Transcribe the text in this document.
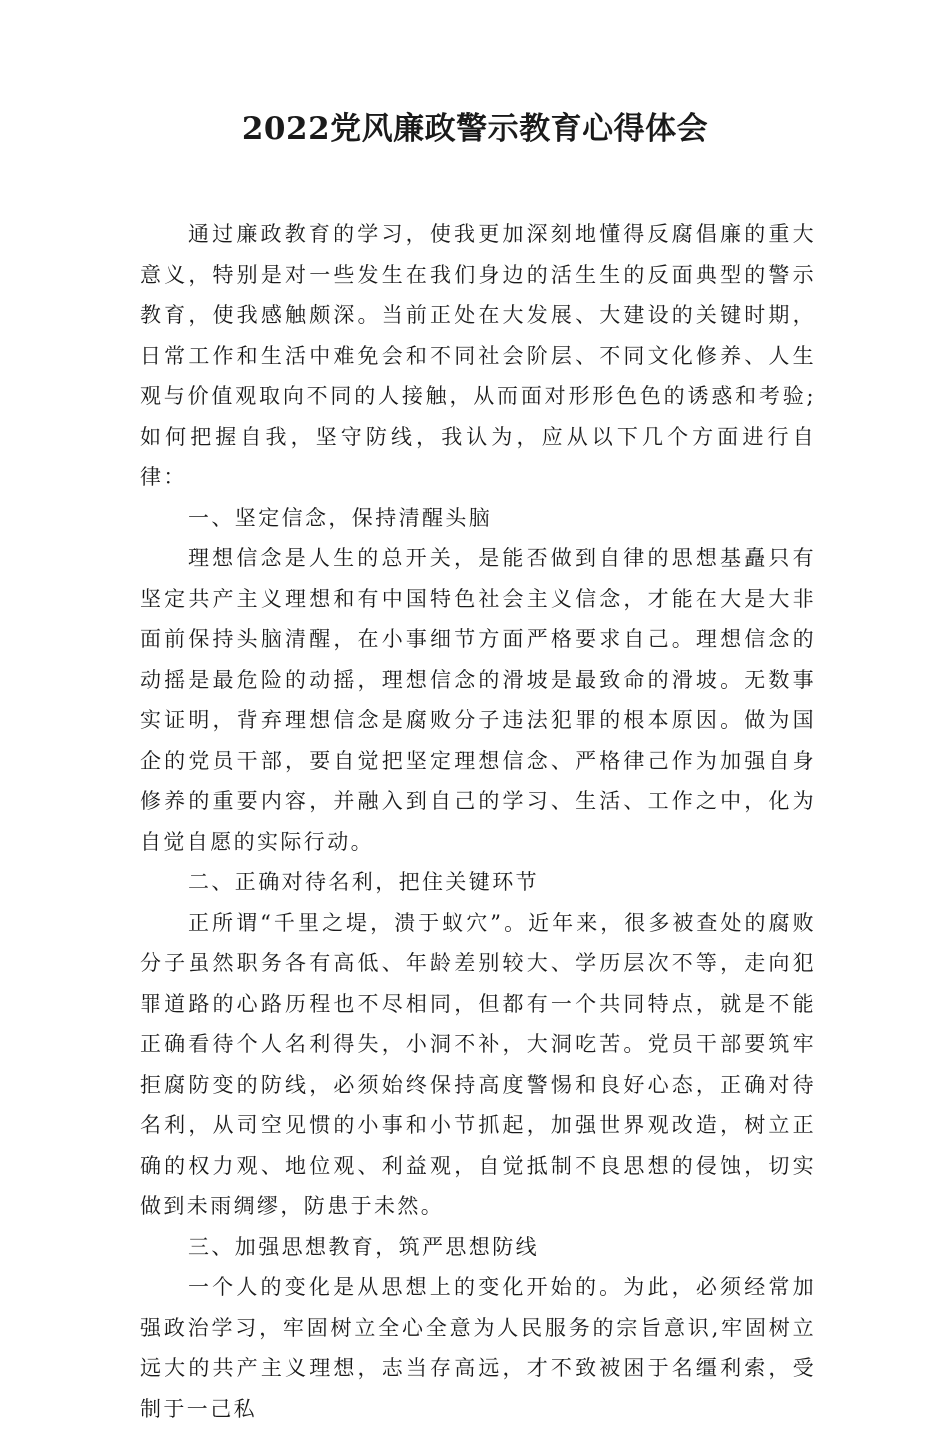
2022党风廉政警示教育心得体会

通过廉政教育的学习，使我更加深刻地懂得反腐倡廉的重大意义，特别是对一些发生在我们身边的活生生的反面典型的警示教育，使我感触颇深。当前正处在大发展、大建设的关键时期，日常工作和生活中难免会和不同社会阶层、不同文化修养、人生观与价值观取向不同的人接触，从而面对形形色色的诱惑和考验;如何把握自我，坚守防线，我认为，应从以下几个方面进行自律：

一、坚定信念，保持清醒头脑

理想信念是人生的总开关，是能否做到自律的思想基矗只有坚定共产主义理想和有中国特色社会主义信念，才能在大是大非面前保持头脑清醒，在小事细节方面严格要求自己。理想信念的动摇是最危险的动摇，理想信念的滑坡是最致命的滑坡。无数事实证明，背弃理想信念是腐败分子违法犯罪的根本原因。做为国企的党员干部，要自觉把坚定理想信念、严格律己作为加强自身修养的重要内容，并融入到自己的学习、生活、工作之中，化为自觉自愿的实际行动。

二、正确对待名利，把住关键环节

正所谓“千里之堤，溃于蚁穴”。近年来，很多被查处的腐败分子虽然职务各有高低、年龄差别较大、学历层次不等，走向犯罪道路的心路历程也不尽相同，但都有一个共同特点，就是不能正确看待个人名利得失，小洞不补，大洞吃苦。党员干部要筑牢拒腐防变的防线，必须始终保持高度警惕和良好心态，正确对待名利，从司空见惯的小事和小节抓起，加强世界观改造，树立正确的权力观、地位观、利益观，自觉抵制不良思想的侵蚀，切实做到未雨绸缪，防患于未然。

三、加强思想教育，筑严思想防线

一个人的变化是从思想上的变化开始的。为此，必须经常加强政治学习，牢固树立全心全意为人民服务的宗旨意识,牢固树立远大的共产主义理想，志当存高远，才不致被困于名缰利索，受制于一己私
